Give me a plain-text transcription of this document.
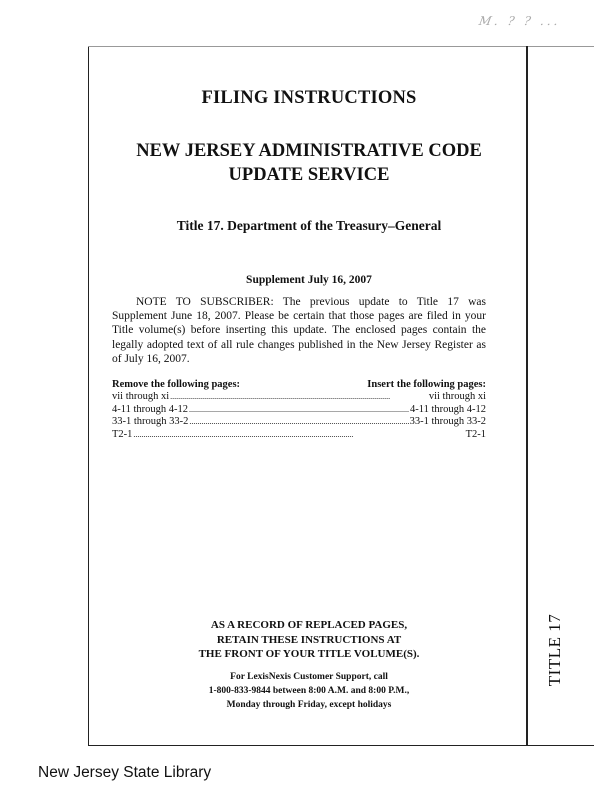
M. ? ? ...
TITLE 17
FILING INSTRUCTIONS
NEW JERSEY ADMINISTRATIVE CODE
UPDATE SERVICE
Title 17. Department of the Treasury–General
Supplement July 16, 2007
NOTE TO SUBSCRIBER: The previous update to Title 17 was Supplement June 18, 2007. Please be certain that those pages are filed in your Title volume(s) before inserting this update. The enclosed pages contain the legally adopted text of all rule changes published in the New Jersey Register as of July 16, 2007.
Remove the following pages:	Insert the following pages:
vii through xi . . .	vii through xi
4-11 through 4-12 . . .	4-11 through 4-12
33-1 through 33-2 . . .	33-1 through 33-2
T2-1 . . .	T2-1
AS A RECORD OF REPLACED PAGES,
RETAIN THESE INSTRUCTIONS AT
THE FRONT OF YOUR TITLE VOLUME(S).
For LexisNexis Customer Support, call
1-800-833-9844 between 8:00 A.M. and 8:00 P.M.,
Monday through Friday, except holidays
New Jersey State Library
